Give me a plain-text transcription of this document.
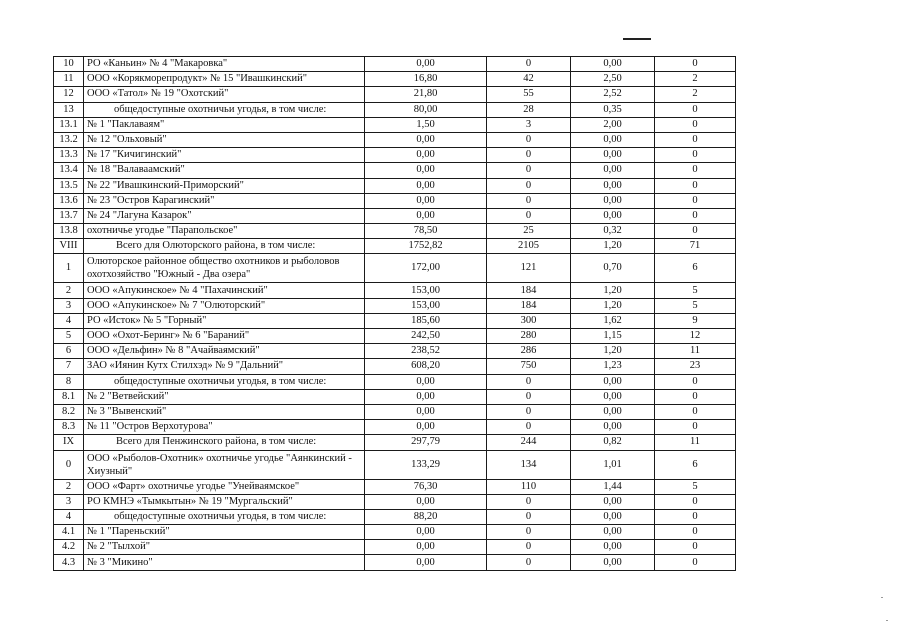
10	РО «Каньин» № 4 "Макаровка"	0,00	0	0,00	0
11	ООО «Корякморепродукт» № 15 "Ивашкинский"	16,80	42	2,50	2
12	ООО «Татол» № 19 "Охотский"	21,80	55	2,52	2
13	общедоступные охотничьи угодья, в том числе:	80,00	28	0,35	0
13.1	№ 1 "Паклаваям"	1,50	3	2,00	0
13.2	№ 12 "Ольховый"	0,00	0	0,00	0
13.3	№ 17 "Кичигинский"	0,00	0	0,00	0
13.4	№ 18 "Валаваамский"	0,00	0	0,00	0
13.5	№ 22 "Ивашкинский-Приморский"	0,00	0	0,00	0
13.6	№ 23 "Остров Карагинский"	0,00	0	0,00	0
13.7	№ 24 "Лагуна Казарок"	0,00	0	0,00	0
13.8	охотничье угодье "Парапольское"	78,50	25	0,32	0
VIII	Всего для Олюторского района, в том числе:	1752,82	2105	1,20	71
1	Олюторское районное общество охотников и рыболовов охотхозяйство "Южный - Два озера"	172,00	121	0,70	6
2	ООО «Апукинское» № 4 "Пахачинский"	153,00	184	1,20	5
3	ООО «Апукинское» № 7 "Олюторский"	153,00	184	1,20	5
4	РО «Исток» № 5 "Горный"	185,60	300	1,62	9
5	ООО «Охот-Беринг» № 6 "Бараний"	242,50	280	1,15	12
6	ООО «Дельфин» № 8 "Ачайваямский"	238,52	286	1,20	11
7	ЗАО «Иянин Кутх Стилхэд» № 9 "Дальний"	608,20	750	1,23	23
8	общедоступные охотничьи угодья, в том числе:	0,00	0	0,00	0
8.1	№ 2 "Ветвейский"	0,00	0	0,00	0
8.2	№ 3 "Вывенский"	0,00	0	0,00	0
8.3	№ 11 "Остров Верхотурова"	0,00	0	0,00	0
IX	Всего для Пенжинского района, в том числе:	297,79	244	0,82	11
0	ООО «Рыболов-Охотник» охотничье угодье "Аянкинский - Хиузный"	133,29	134	1,01	6
2	ООО «Фарт» охотничье угодье "Унейваямское"	76,30	110	1,44	5
3	РО КМНЭ «Тымкытын» № 19 "Мургальский"	0,00	0	0,00	0
4	общедоступные охотничьи угодья, в том числе:	88,20	0	0,00	0
4.1	№ 1 "Пареньский"	0,00	0	0,00	0
4.2	№ 2 "Тылхой"	0,00	0	0,00	0
4.3	№ 3 "Микино"	0,00	0	0,00	0
